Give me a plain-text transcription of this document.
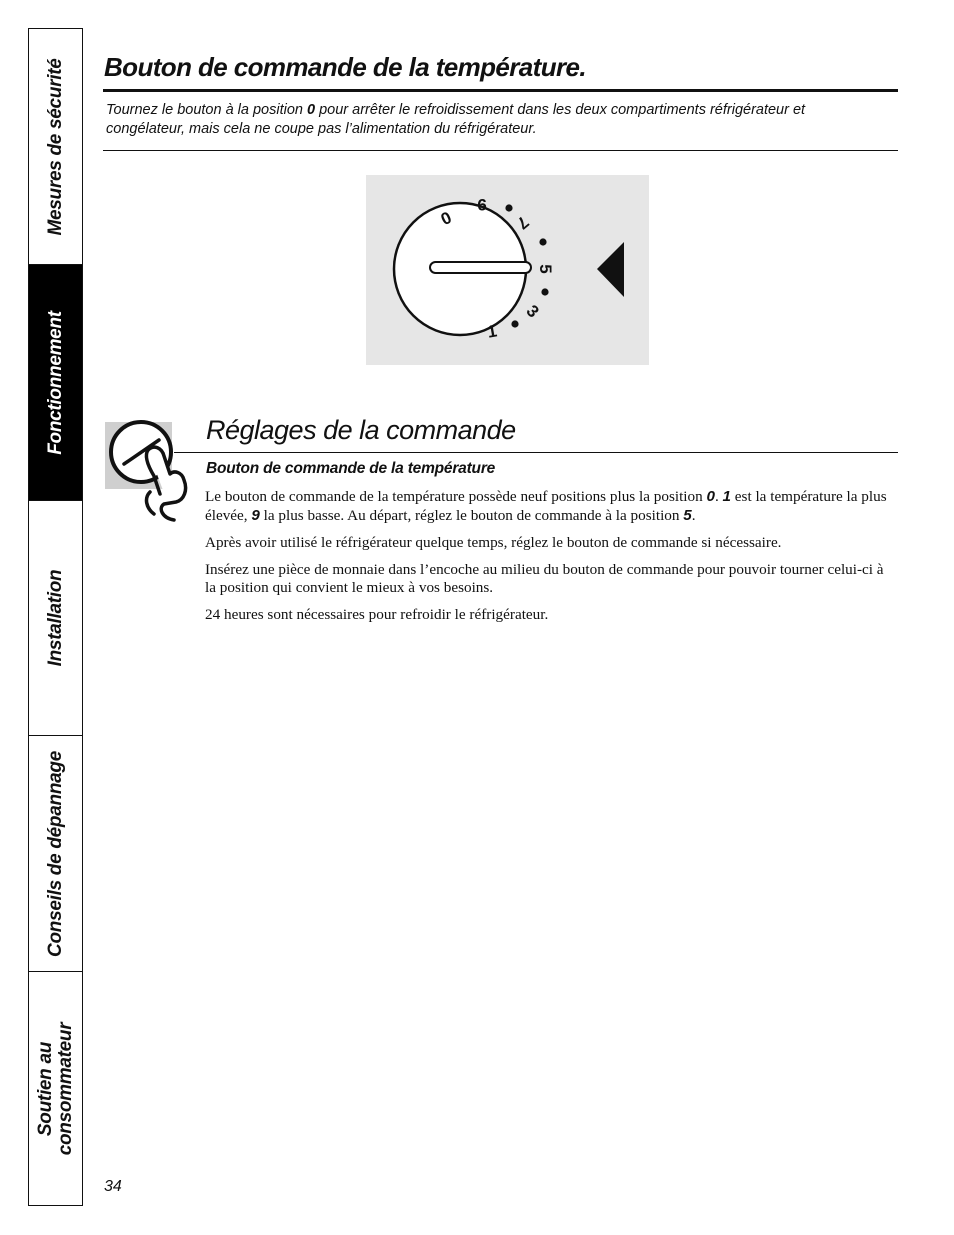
Mesures de sécurité
Fonctionnement
Installation
Conseils de dépannage
Soutien au
consommateur
Bouton de commande de la température.

Tournez le bouton à la position 0 pour arrêter le refroidissement dans les deux compartiments réfrigérateur et congélateur, mais cela ne coupe pas l’alimentation du réfrigérateur.

0
9
7
5
3
1
Réglages de la commande
Bouton de commande de la température

Le bouton de commande de la température possède neuf positions plus la position 0. 1 est la température la plus élevée, 9 la plus basse. Au départ, réglez le bouton de commande à la position 5.

Après avoir utilisé le réfrigérateur quelque temps, réglez le bouton de commande si nécessaire.

Insérez une pièce de monnaie dans l’encoche au milieu du bouton de commande pour pouvoir tourner celui-ci à la position qui convient le mieux à vos besoins.

24 heures sont nécessaires pour refroidir le réfrigérateur.

34
